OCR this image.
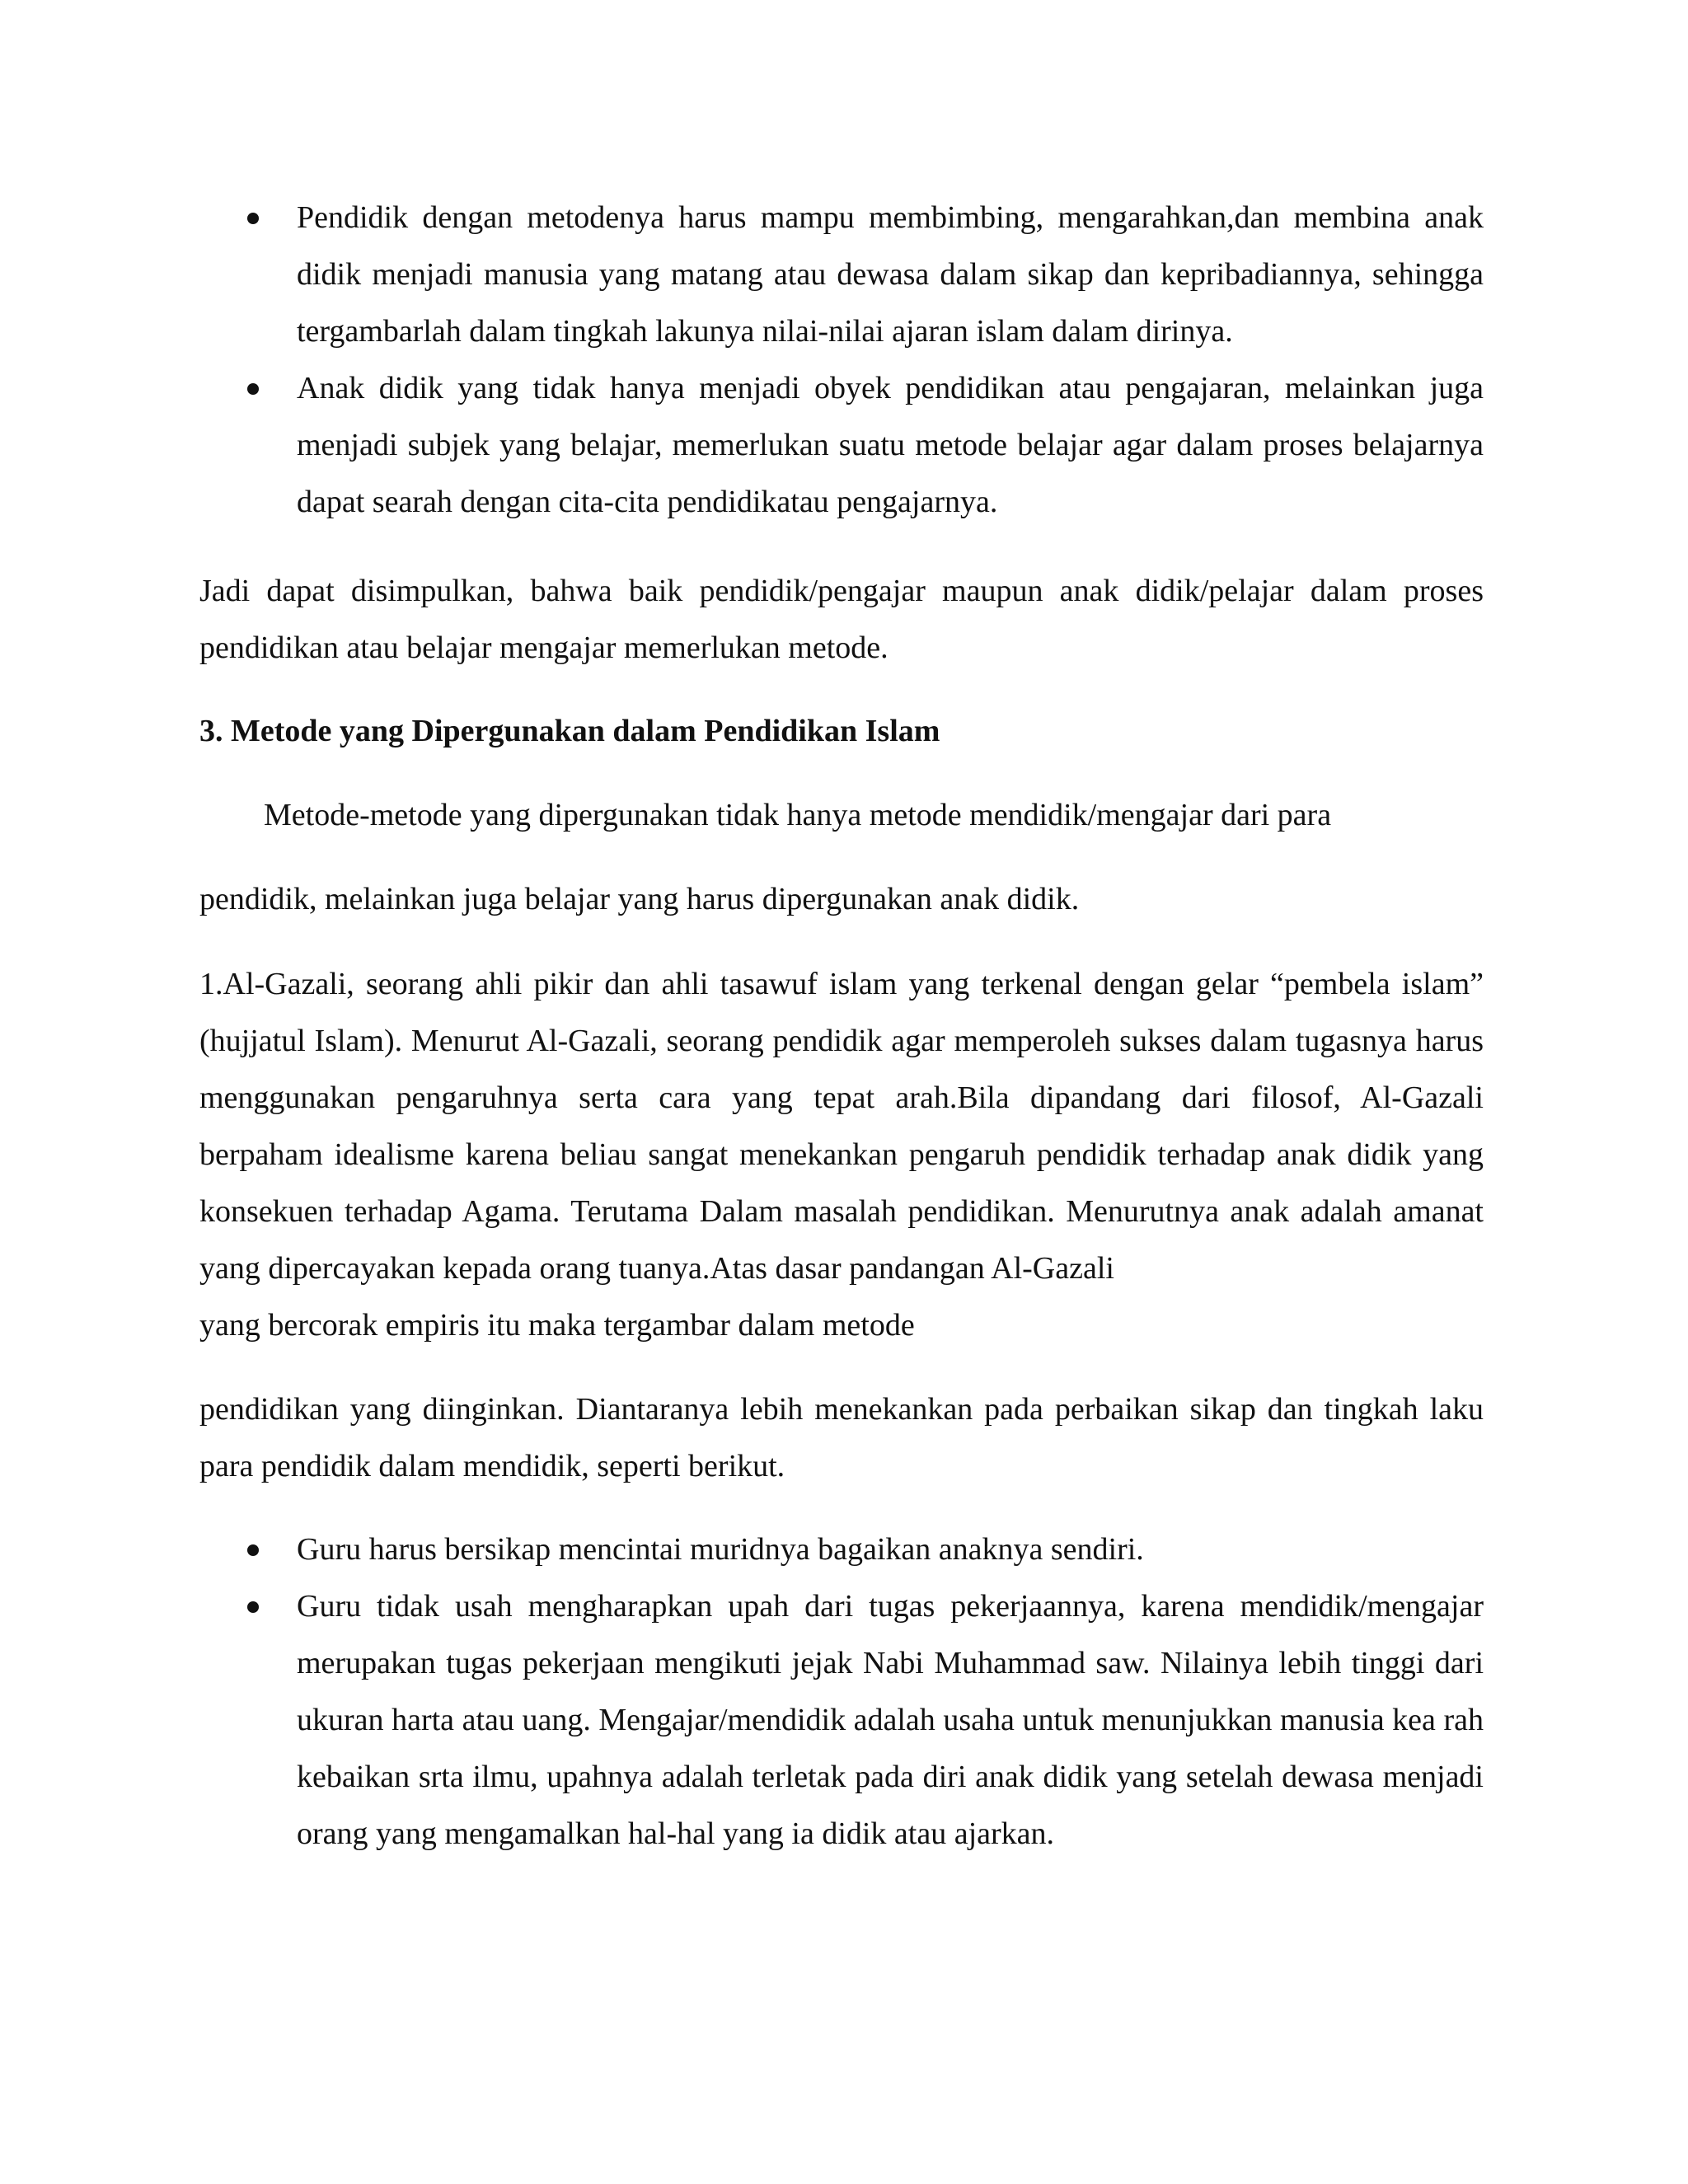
Pendidik dengan metodenya harus mampu membimbing, mengarahkan,dan membina anak didik menjadi manusia yang matang atau dewasa dalam sikap dan kepribadiannya, sehingga tergambarlah dalam tingkah lakunya nilai-nilai ajaran islam dalam dirinya.
Anak didik yang tidak hanya menjadi obyek pendidikan atau pengajaran, melainkan juga menjadi subjek yang belajar, memerlukan suatu metode belajar agar dalam proses belajarnya dapat searah dengan cita-cita pendidikatau pengajarnya.

Jadi dapat disimpulkan, bahwa baik pendidik/pengajar maupun anak didik/pelajar dalam proses pendidikan atau belajar mengajar memerlukan metode.

3. Metode yang Dipergunakan dalam Pendidikan Islam

Metode-metode yang dipergunakan tidak hanya metode mendidik/mengajar dari para

pendidik, melainkan juga belajar yang harus dipergunakan anak didik.

1.Al-Gazali, seorang ahli pikir dan ahli tasawuf islam yang terkenal dengan gelar “pembela islam” (hujjatul Islam). Menurut Al-Gazali, seorang pendidik agar memperoleh sukses dalam tugasnya harus menggunakan pengaruhnya serta cara yang tepat arah.Bila dipandang dari filosof, Al-Gazali berpaham idealisme karena beliau sangat menekankan pengaruh pendidik terhadap anak didik yang konsekuen terhadap Agama. Terutama Dalam masalah pendidikan. Menurutnya anak adalah amanat yang dipercayakan kepada orang tuanya.Atas dasar pandangan Al-Gazali

yang bercorak empiris itu maka tergambar dalam metode

pendidikan yang diinginkan. Diantaranya lebih menekankan pada perbaikan sikap dan tingkah laku para pendidik dalam mendidik, seperti berikut.

Guru harus bersikap mencintai muridnya bagaikan anaknya sendiri.
Guru tidak usah mengharapkan upah dari tugas pekerjaannya, karena mendidik/mengajar merupakan tugas pekerjaan mengikuti jejak Nabi Muhammad saw. Nilainya lebih tinggi dari ukuran harta atau uang. Mengajar/mendidik adalah usaha untuk menunjukkan manusia kea rah kebaikan srta ilmu, upahnya adalah terletak pada diri anak didik yang setelah dewasa menjadi orang yang mengamalkan hal-hal yang ia didik atau ajarkan.
